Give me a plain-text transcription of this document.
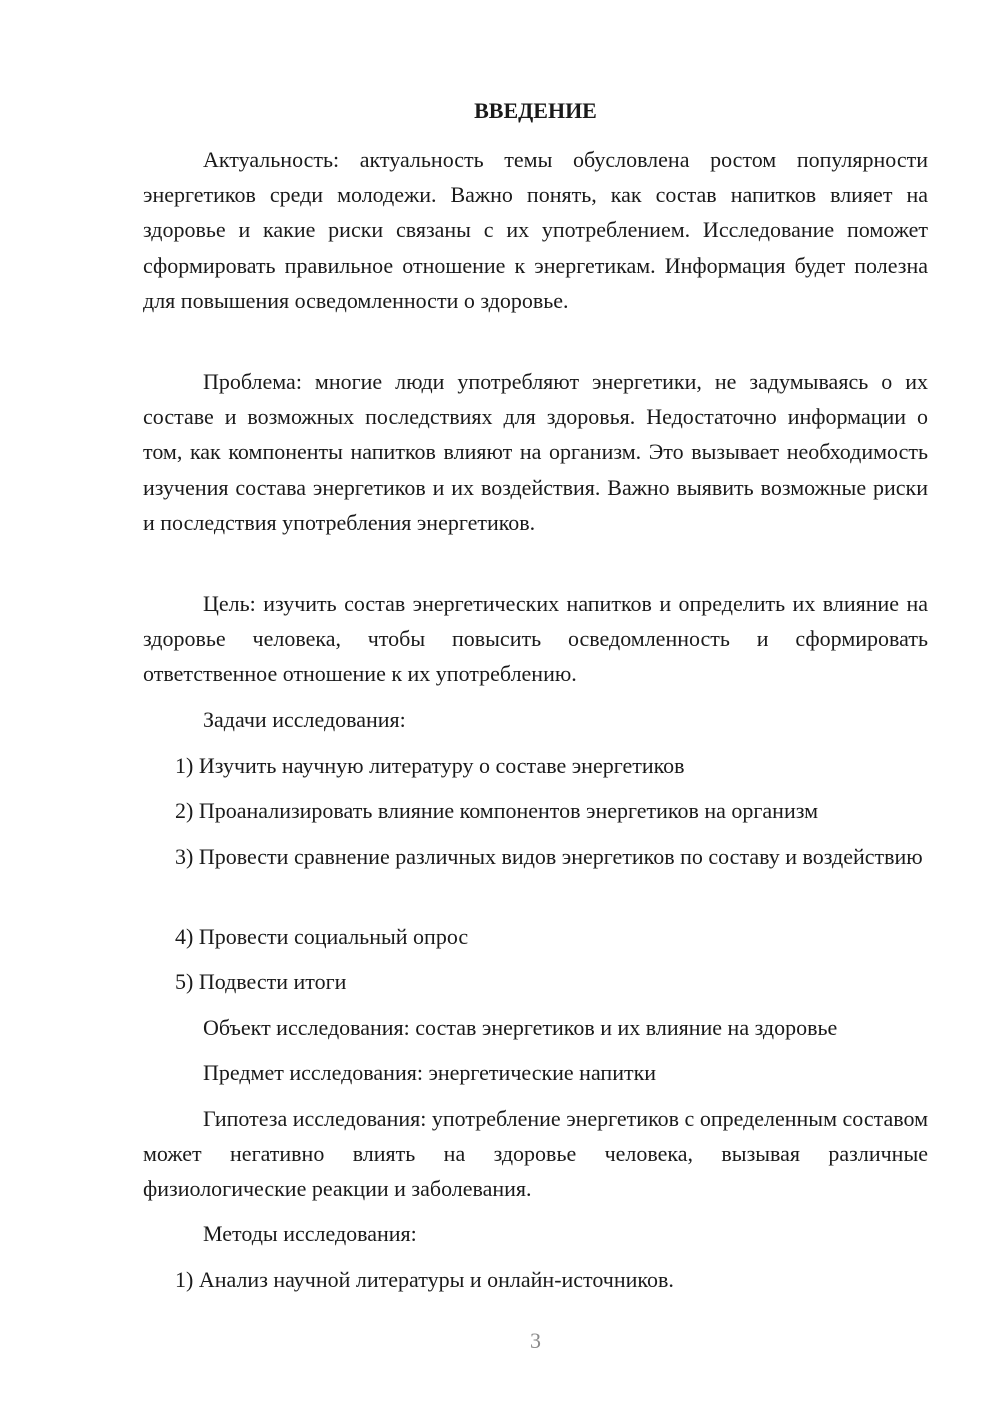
ВВЕДЕНИЕ

Актуальность: актуальность темы обусловлена ростом популярности энергетиков среди молодежи. Важно понять, как состав напитков влияет на здоровье и какие риски связаны с их употреблением. Исследование поможет сформировать правильное отношение к энергетикам. Информация будет полезна для повышения осведомленности о здоровье.

Проблема: многие люди употребляют энергетики, не задумываясь о их составе и возможных последствиях для здоровья. Недостаточно информации о том, как компоненты напитков влияют на организм. Это вызывает необходимость изучения состава энергетиков и их воздействия. Важно выявить возможные риски и последствия употребления энергетиков.

Цель: изучить состав энергетических напитков и определить их влияние на здоровье человека, чтобы повысить осведомленность и сформировать ответственное отношение к их употреблению.

Задачи исследования:

1) Изучить научную литературу о составе энергетиков

2) Проанализировать влияние компонентов энергетиков на организм

3) Провести сравнение различных видов энергетиков по составу и воздействию

4) Провести социальный опрос

5) Подвести итоги

Объект исследования: состав энергетиков и их влияние на здоровье

Предмет исследования: энергетические напитки

Гипотеза исследования: употребление энергетиков с определенным составом может негативно влиять на здоровье человека, вызывая различные физиологические реакции и заболевания.

Методы исследования:

1) Анализ научной литературы и онлайн-источников.

3
